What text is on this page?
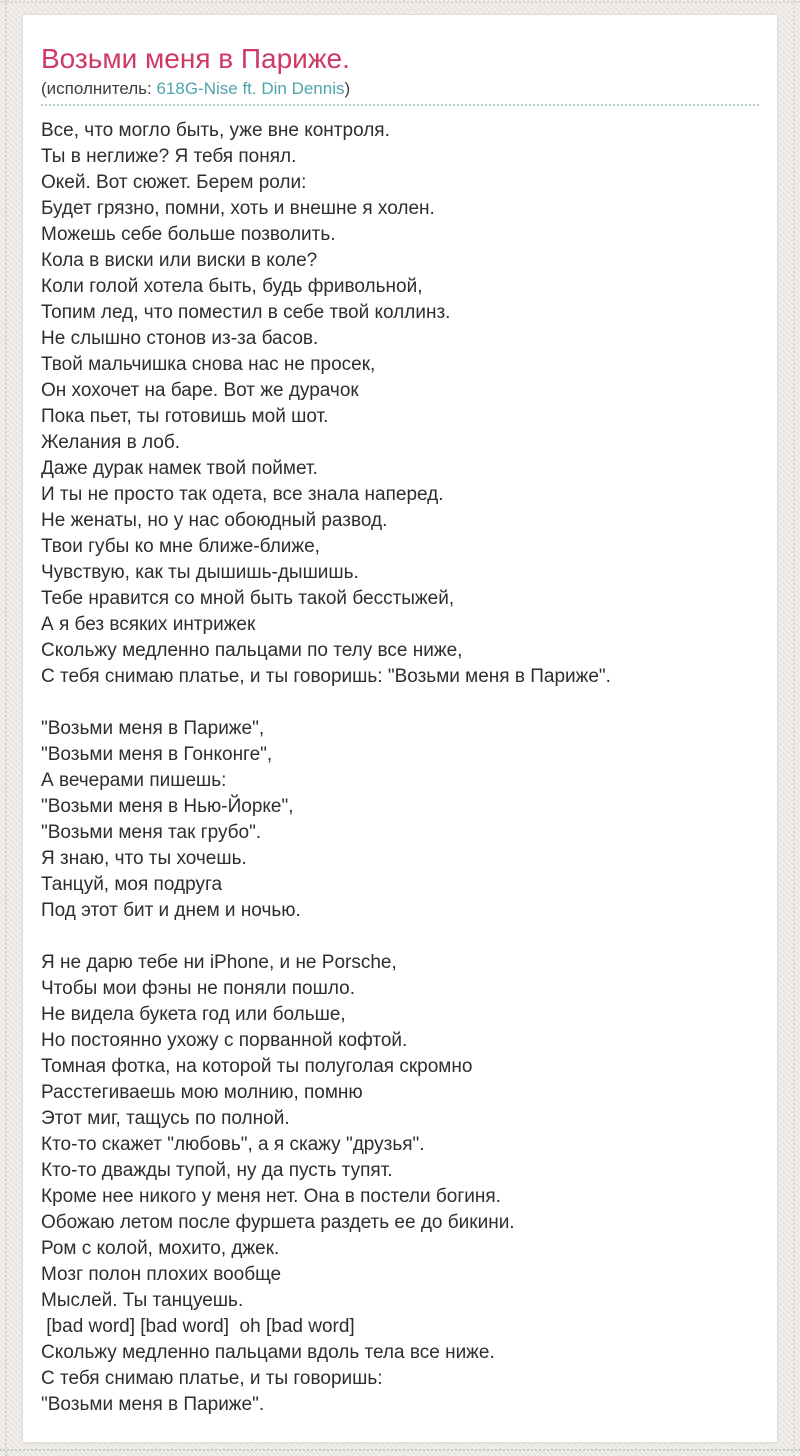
Возьми меня в Париже.

(исполнитель: 618G-Nise ft. Din Dennis)

Все, что могло быть, уже вне контроля.
Ты в неглиже? Я тебя понял.
Окей. Вот сюжет. Берем роли:
Будет грязно, помни, хоть и внешне я холен.
Можешь себе больше позволить.
Кола в виски или виски в коле?
Коли голой хотела быть, будь фривольной,
Топим лед, что поместил в себе твой коллинз.
Не слышно стонов из-за басов.
Твой мальчишка снова нас не просек,
Он хохочет на баре. Вот же дурачок
Пока пьет, ты готовишь мой шот.
Желания в лоб.
Даже дурак намек твой поймет.
И ты не просто так одета, все знала наперед.
Не женаты, но у нас обоюдный развод.
Твои губы ко мне ближе-ближе,
Чувствую, как ты дышишь-дышишь.
Тебе нравится со мной быть такой бесстыжей,
А я без всяких интрижек
Скольжу медленно пальцами по телу все ниже,
С тебя снимаю платье, и ты говоришь: "Возьми меня в Париже".
"Возьми меня в Париже",
"Возьми меня в Гонконге",
А вечерами пишешь:
"Возьми меня в Нью-Йорке",
"Возьми меня так грубо".
Я знаю, что ты хочешь.
Танцуй, моя подруга
Под этот бит и днем и ночью.
Я не дарю тебе ни iPhone, и не Porsche,
Чтобы мои фэны не поняли пошло.
Не видела букета год или больше,
Но постоянно ухожу с порванной кофтой.
Томная фотка, на которой ты полуголая скромно
Расстегиваешь мою молнию, помню
Этот миг, тащусь по полной.
Кто-то скажет "любовь", а я скажу "друзья".
Кто-то дважды тупой, ну да пусть тупят.
Кроме нее никого у меня нет. Она в постели богиня.
Обожаю летом после фуршета раздеть ее до бикини.
Ром с колой, мохито, джек.
Мозг полон плохих вообще
Мыслей. Ты танцуешь.
[bad word] [bad word]  oh [bad word]
Скольжу медленно пальцами вдоль тела все ниже.
С тебя снимаю платье, и ты говоришь:
"Возьми меня в Париже".
